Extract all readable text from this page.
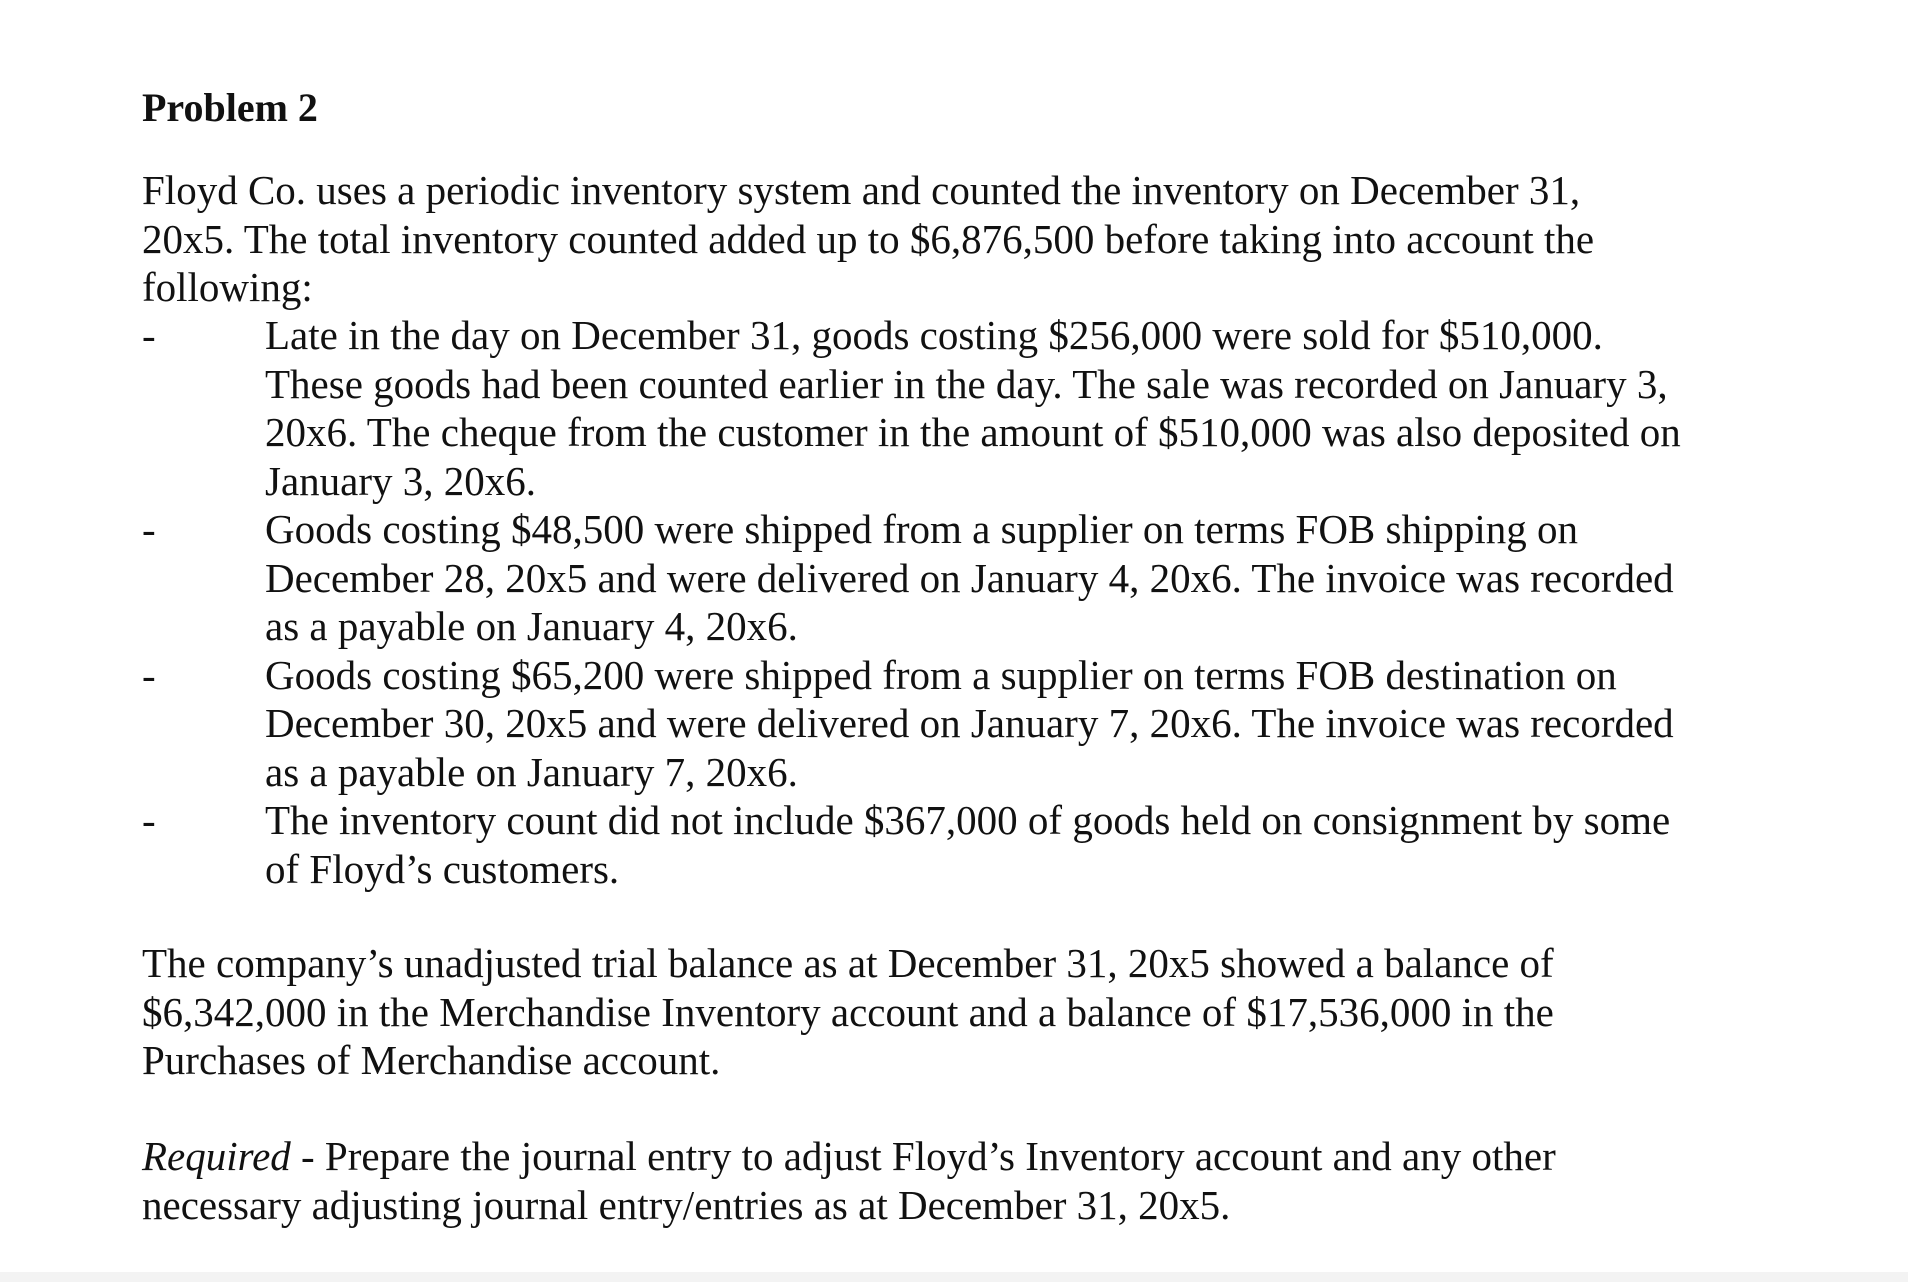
Problem 2

Floyd Co. uses a periodic inventory system and counted the inventory on December 31, 20x5. The total inventory counted added up to $6,876,500 before taking into account the following:

-	Late in the day on December 31, goods costing $256,000 were sold for $510,000. These goods had been counted earlier in the day. The sale was recorded on January 3, 20x6. The cheque from the customer in the amount of $510,000 was also deposited on January 3, 20x6.
-	Goods costing $48,500 were shipped from a supplier on terms FOB shipping on December 28, 20x5 and were delivered on January 4, 20x6. The invoice was recorded as a payable on January 4, 20x6.
-	Goods costing $65,200 were shipped from a supplier on terms FOB destination on December 30, 20x5 and were delivered on January 7, 20x6. The invoice was recorded as a payable on January 7, 20x6.
-	The inventory count did not include $367,000 of goods held on consignment by some of Floyd’s customers.

The company’s unadjusted trial balance as at December 31, 20x5 showed a balance of $6,342,000 in the Merchandise Inventory account and a balance of $17,536,000 in the Purchases of Merchandise account.

Required - Prepare the journal entry to adjust Floyd’s Inventory account and any other necessary adjusting journal entry/entries as at December 31, 20x5.
